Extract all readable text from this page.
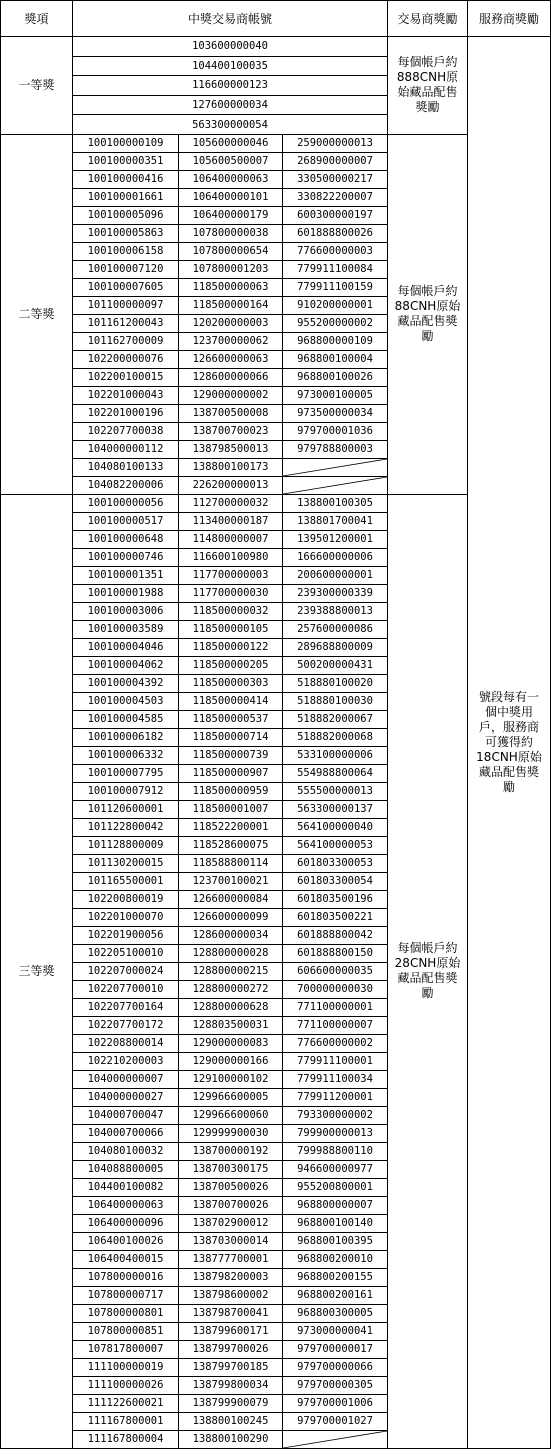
獎項	中獎交易商帳號			交易商獎勵	服務商獎勵
一等獎	103600000040			每個帳戶約888CNH原始藏品配售獎勵	號段每有一個中獎用戶，服務商可獲得約18CNH原始藏品配售獎勵
	104400100035				
	116600000123				
	127600000034				
	563300000054				
二等獎	100100000109	105600000046	259000000013	每個帳戶約88CNH原始藏品配售獎勵	
	100100000351	105600500007	268900000007		
	100100000416	106400000063	330500000217		
	100100001661	106400000101	330822200007		
	100100005096	106400000179	600300000197		
	100100005863	107800000038	601888800026		
	100100006158	107800000654	776600000003		
	100100007120	107800001203	779911100084		
	100100007605	118500000063	779911100159		
	101100000097	118500000164	910200000001		
	101161200043	120200000003	955200000002		
	101162700009	123700000062	968800000109		
	102200000076	126600000063	968800100004		
	102200100015	128600000066	968800100026		
	102201000043	129000000002	973000100005		
	102201000196	138700500008	973500000034		
	102207700038	138700700023	979700001036		
	104000000112	138798500013	979788800003		
	104080100133	138800100173	

	104082200006	226200000013	

三等獎	100100000056	112700000032	138800100305	每個帳戶約28CNH原始藏品配售獎勵	
	100100000517	113400000187	138801700041		
	100100000648	114800000007	139501200001		
	100100000746	116600100980	166600000006		
	100100001351	117700000003	200600000001		
	100100001988	117700000030	239300000339		
	100100003006	118500000032	239388800013		
	100100003589	118500000105	257600000086		
	100100004046	118500000122	289688800009		
	100100004062	118500000205	500200000431		
	100100004392	118500000303	518880100020		
	100100004503	118500000414	518880100030		
	100100004585	118500000537	518882000067		
	100100006182	118500000714	518882000068		
	100100006332	118500000739	533100000006		
	100100007795	118500000907	554988800064		
	100100007912	118500000959	555500000013		
	101120600001	118500001007	563300000137		
	101122800042	118522200001	564100000040		
	101128800009	118528600075	564100000053		
	101130200015	118588800114	601803300053		
	101165500001	123700100021	601803300054		
	102200800019	126600000084	601803500196		
	102201000070	126600000099	601803500221		
	102201900056	128600000034	601888800042		
	102205100010	128800000028	601888800150		
	102207000024	128800000215	606600000035		
	102207700010	128800000272	700000000030		
	102207700164	128800000628	771100000001		
	102207700172	128803500031	771100000007		
	102208800014	129000000083	776600000002		
	102210200003	129000000166	779911100001		
	104000000007	129100000102	779911100034		
	104000000027	129966600005	779911200001		
	104000700047	129966600060	793300000002		
	104000700066	129999900030	799900000013		
	104080100032	138700000192	799988800110		
	104088800005	138700300175	946600000977		
	104400100082	138700500026	955200800001		
	106400000063	138700700026	968800000007		
	106400000096	138702900012	968800100140		
	106400100026	138703000014	968800100395		
	106400400015	138777700001	968800200010		
	107800000016	138798200003	968800200155		
	107800000717	138798600002	968800200161		
	107800000801	138798700041	968800300005		
	107800000851	138799600171	973000000041		
	107817800007	138799700026	979700000017		
	111100000019	138799700185	979700000066		
	111100000026	138799800034	979700000305		
	111122600021	138799900079	979700001006		
	111167800001	138800100245	979700001027		
	111167800004	138800100290	
